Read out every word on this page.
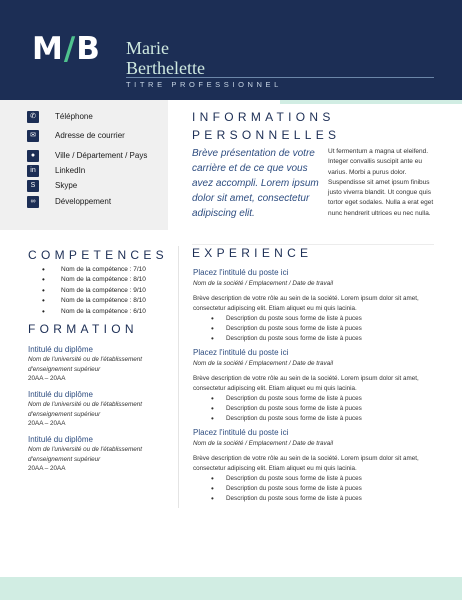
M/B Marie
Berthelette
TITRE PROFESSIONNEL
✆	Téléphone
✉	Adresse de courrier
●	Ville / Département / Pays
in	LinkedIn
S	Skype
∞	Développement
INFORMATIONS
PERSONNELLES
Brève présentation de votre carrière et de ce que vous avez accompli. Lorem ipsum dolor sit amet, consectetur adipiscing elit.
Ut fermentum a magna ut eleifend. Integer convallis suscipit ante eu varius. Morbi a purus dolor. Suspendisse sit amet ipsum finibus justo viverra blandit. Ut congue quis tortor eget sodales. Nulla a erat eget nunc hendrerit ultrices eu nec nulla.
COMPETENCES
• Nom de la compétence : 7/10
• Nom de la compétence : 8/10
• Nom de la compétence : 9/10
• Nom de la compétence : 8/10
• Nom de la compétence : 6/10
FORMATION
Intitulé du diplôme
Nom de l'université ou de l'établissement d'enseignement supérieur
20AA – 20AA
Intitulé du diplôme
Nom de l'université ou de l'établissement d'enseignement supérieur
20AA – 20AA
Intitulé du diplôme
Nom de l'université ou de l'établissement d'enseignement supérieur
20AA – 20AA
EXPERIENCE
Placez l'intitulé du poste ici
Nom de la société / Emplacement / Date de travail
Brève description de votre rôle au sein de la société. Lorem ipsum dolor sit amet, consectetur adipiscing elit. Etiam aliquet eu mi quis lacinia.
• Description du poste sous forme de liste à puces
• Description du poste sous forme de liste à puces
• Description du poste sous forme de liste à puces
Placez l'intitulé du poste ici
Nom de la société / Emplacement / Date de travail
Brève description de votre rôle au sein de la société. Lorem ipsum dolor sit amet, consectetur adipiscing elit. Etiam aliquet eu mi quis lacinia.
• Description du poste sous forme de liste à puces
• Description du poste sous forme de liste à puces
• Description du poste sous forme de liste à puces
Placez l'intitulé du poste ici
Nom de la société / Emplacement / Date de travail
Brève description de votre rôle au sein de la société. Lorem ipsum dolor sit amet, consectetur adipiscing elit. Etiam aliquet eu mi quis lacinia.
• Description du poste sous forme de liste à puces
• Description du poste sous forme de liste à puces
• Description du poste sous forme de liste à puces
